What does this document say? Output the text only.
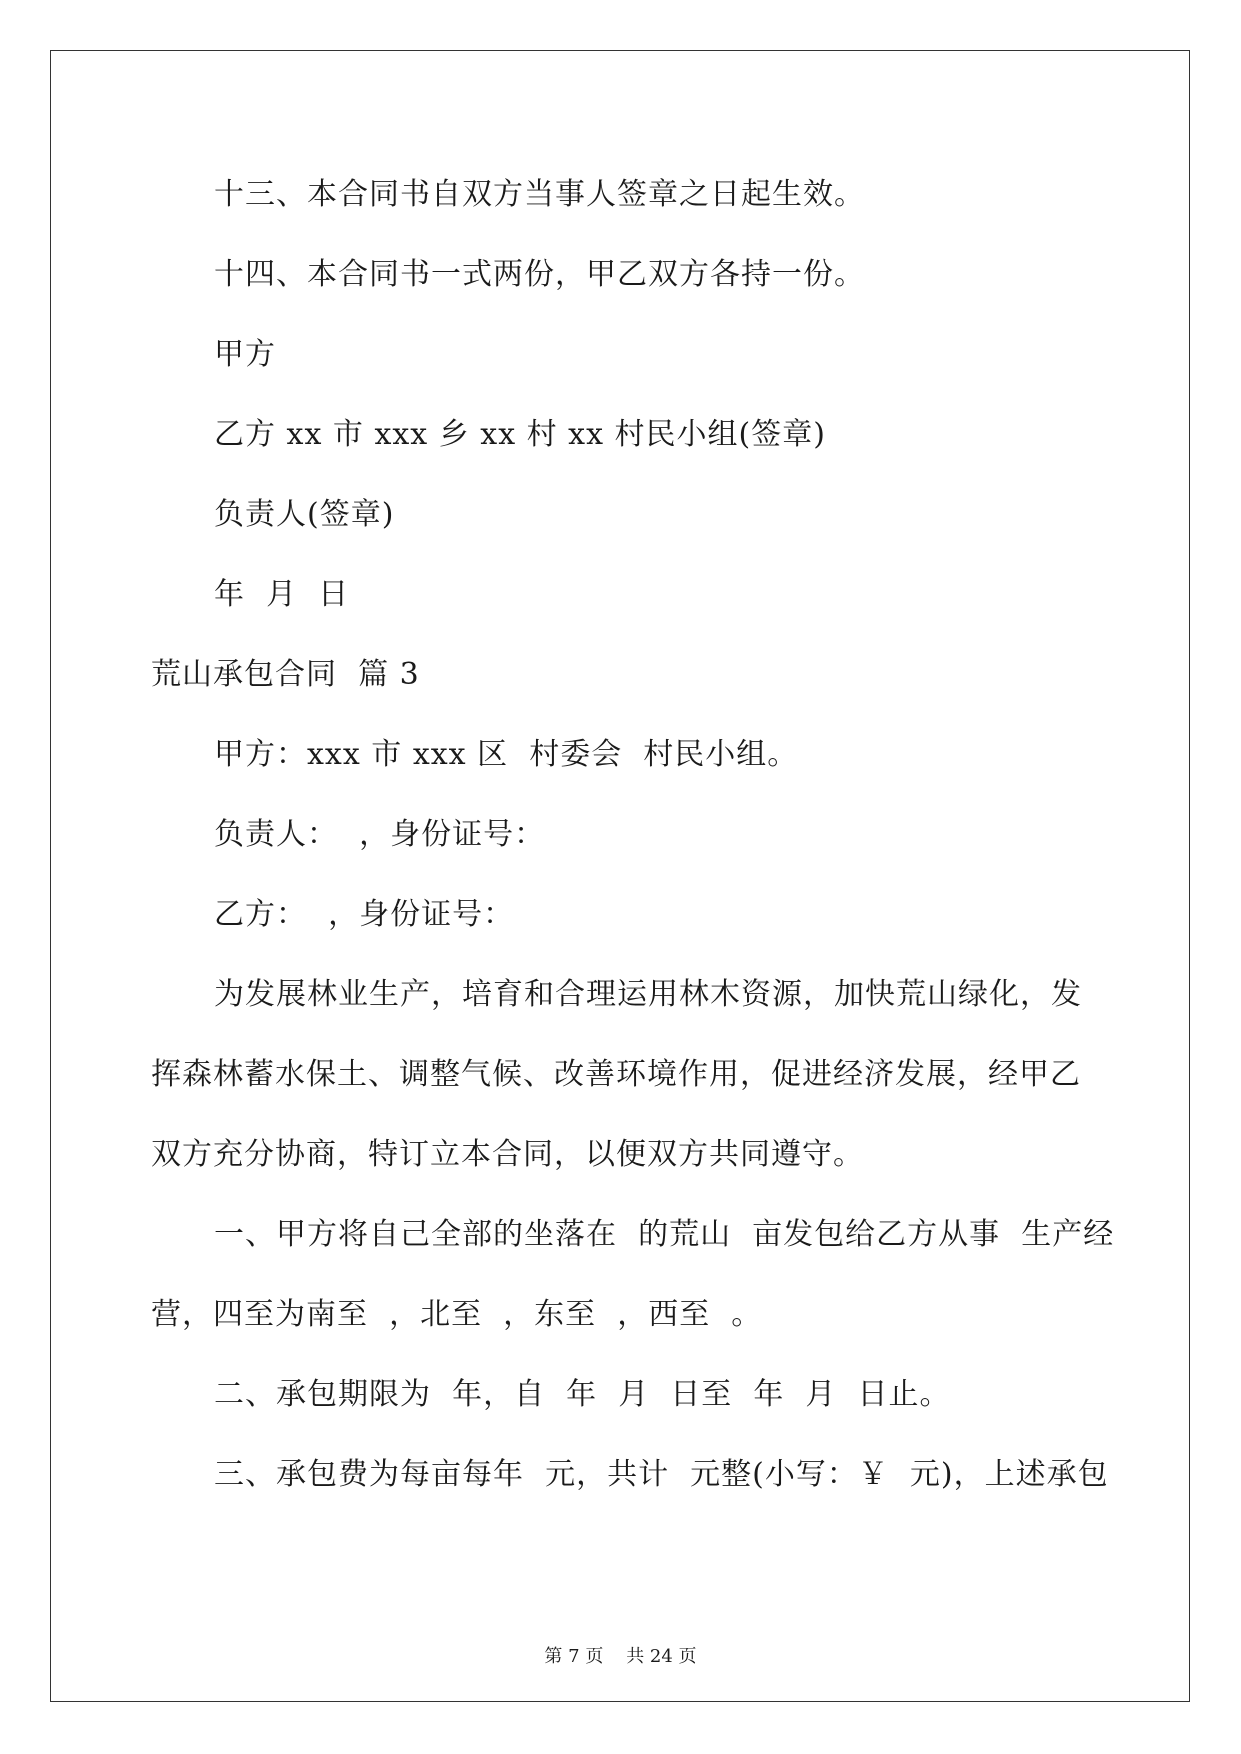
十三、本合同书自双方当事人签章之日起生效。
十四、本合同书一式两份，甲乙双方各持一份。
甲方
乙方 xx 市 xxx 乡 xx 村 xx 村民小组(签章)
负责人(签章)
年  月  日
荒山承包合同  篇 3
甲方：xxx 市 xxx 区  村委会  村民小组。
负责人：  ，身份证号：
乙方：  ，身份证号：
为发展林业生产，培育和合理运用林木资源，加快荒山绿化，发
挥森林蓄水保土、调整气候、改善环境作用，促进经济发展，经甲乙
双方充分协商，特订立本合同，以便双方共同遵守。
一、甲方将自己全部的坐落在  的荒山  亩发包给乙方从事  生产经
营，四至为南至  ，北至  ，东至  ，西至  。
二、承包期限为  年，自  年  月  日至  年  月  日止。
三、承包费为每亩每年  元，共计  元整(小写：￥  元)，上述承包
第 7 页    共 24 页
